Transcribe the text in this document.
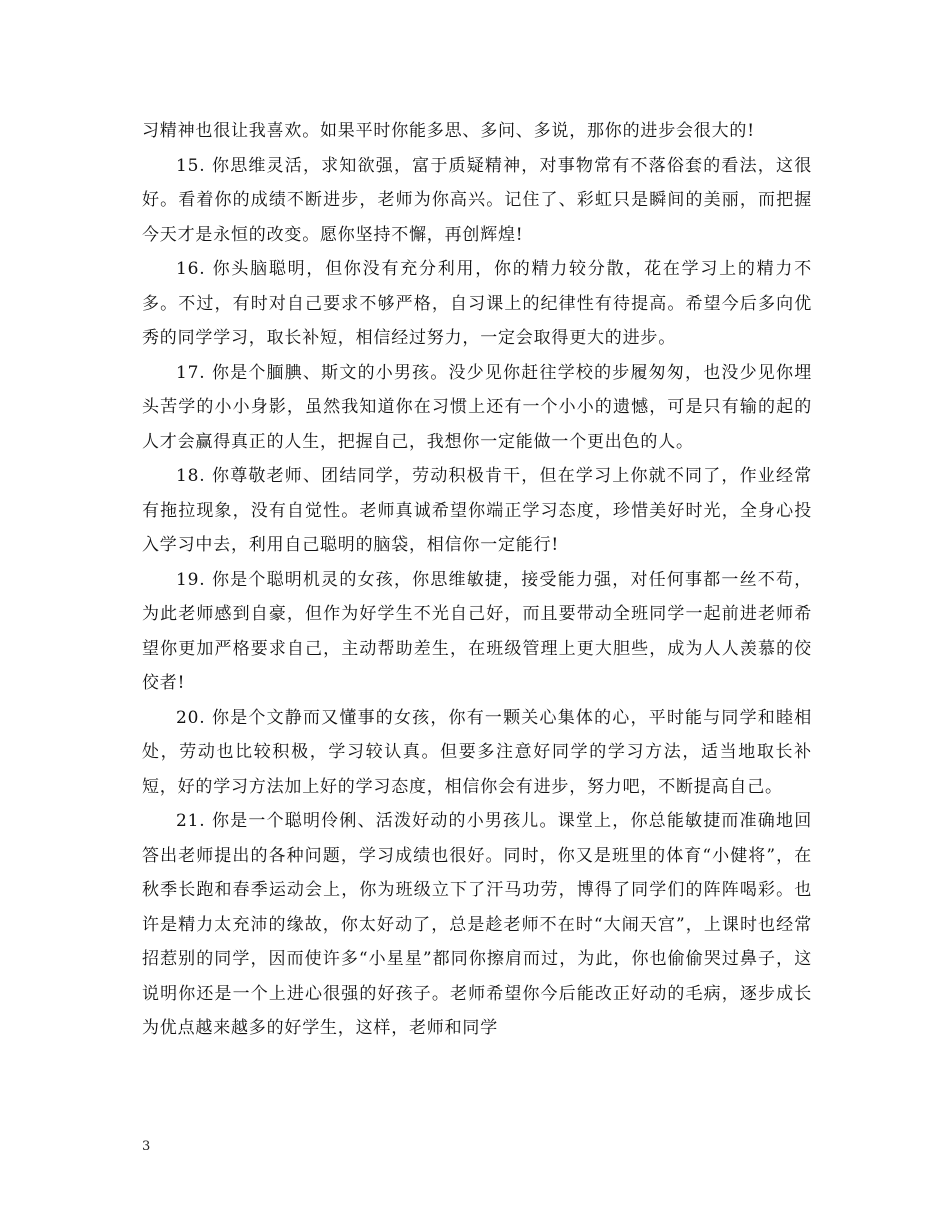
习精神也很让我喜欢。如果平时你能多思、多问、多说，那你的进步会很大的!

15. 你思维灵活，求知欲强，富于质疑精神，对事物常有不落俗套的看法，这很好。看着你的成绩不断进步，老师为你高兴。记住了、彩虹只是瞬间的美丽，而把握今天才是永恒的改变。愿你坚持不懈，再创辉煌!

16. 你头脑聪明，但你没有充分利用，你的精力较分散，花在学习上的精力不多。不过，有时对自己要求不够严格，自习课上的纪律性有待提高。希望今后多向优秀的同学学习，取长补短，相信经过努力，一定会取得更大的进步。

17. 你是个腼腆、斯文的小男孩。没少见你赶往学校的步履匆匆，也没少见你埋头苦学的小小身影，虽然我知道你在习惯上还有一个小小的遗憾，可是只有输的起的人才会赢得真正的人生，把握自己，我想你一定能做一个更出色的人。

18. 你尊敬老师、团结同学，劳动积极肯干，但在学习上你就不同了，作业经常有拖拉现象，没有自觉性。老师真诚希望你端正学习态度，珍惜美好时光，全身心投入学习中去，利用自己聪明的脑袋，相信你一定能行!

19. 你是个聪明机灵的女孩，你思维敏捷，接受能力强，对任何事都一丝不苟，为此老师感到自豪，但作为好学生不光自己好，而且要带动全班同学一起前进老师希望你更加严格要求自己，主动帮助差生，在班级管理上更大胆些，成为人人羡慕的佼佼者!

20. 你是个文静而又懂事的女孩，你有一颗关心集体的心，平时能与同学和睦相处，劳动也比较积极，学习较认真。但要多注意好同学的学习方法，适当地取长补短，好的学习方法加上好的学习态度，相信你会有进步，努力吧，不断提高自己。

21. 你是一个聪明伶俐、活泼好动的小男孩儿。课堂上，你总能敏捷而准确地回答出老师提出的各种问题，学习成绩也很好。同时，你又是班里的体育“小健将”，在秋季长跑和春季运动会上，你为班级立下了汗马功劳，博得了同学们的阵阵喝彩。也许是精力太充沛的缘故，你太好动了，总是趁老师不在时“大闹天宫”，上课时也经常招惹别的同学，因而使许多“小星星”都同你擦肩而过，为此，你也偷偷哭过鼻子，这说明你还是一个上进心很强的好孩子。老师希望你今后能改正好动的毛病，逐步成长为优点越来越多的好学生，这样，老师和同学

3
